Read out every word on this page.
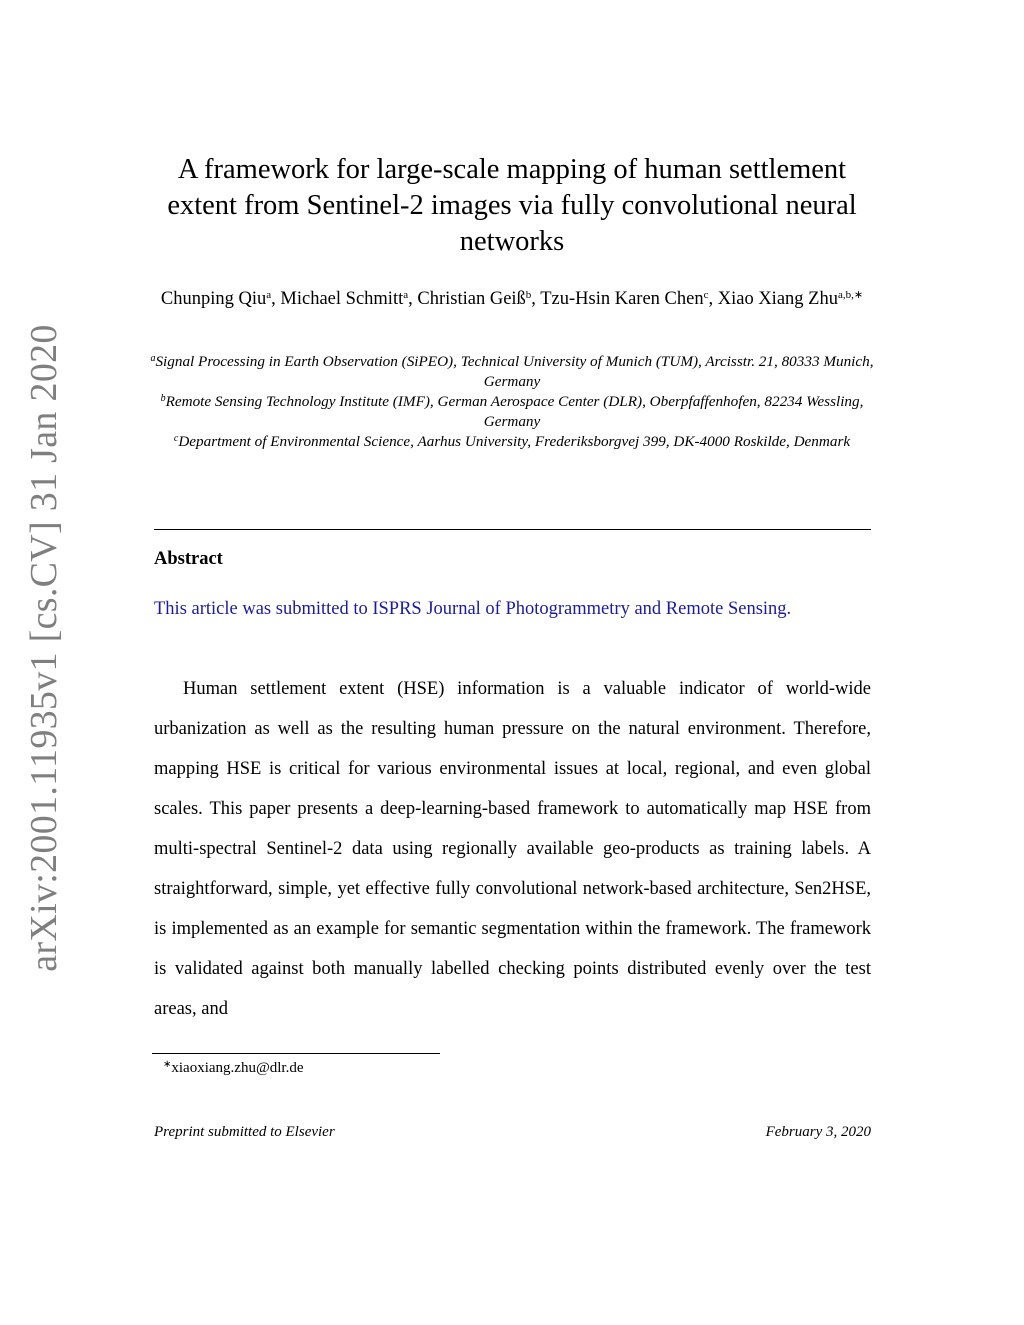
arXiv:2001.11935v1 [cs.CV] 31 Jan 2020
A framework for large-scale mapping of human settlement extent from Sentinel-2 images via fully convolutional neural networks
Chunping Qiu$^a$, Michael Schmitt$^a$, Christian Geiß$^b$, Tzu-Hsin Karen Chen$^c$, Xiao Xiang Zhu$^{a,b,∗}$
$^a$Signal Processing in Earth Observation (SiPEO), Technical University of Munich (TUM), Arcisstr. 21, 80333 Munich, Germany
$^b$Remote Sensing Technology Institute (IMF), German Aerospace Center (DLR), Oberpfaffenhofen, 82234 Wessling, Germany
$^c$Department of Environmental Science, Aarhus University, Frederiksborgvej 399, DK-4000 Roskilde, Denmark
Abstract
This article was submitted to ISPRS Journal of Photogrammetry and Remote Sensing.

Human settlement extent (HSE) information is a valuable indicator of world-wide urbanization as well as the resulting human pressure on the natural environment. Therefore, mapping HSE is critical for various environmental issues at local, regional, and even global scales. This paper presents a deep-learning-based framework to automatically map HSE from multi-spectral Sentinel-2 data using regionally available geo-products as training labels. A straightforward, simple, yet effective fully convolutional network-based architecture, Sen2HSE, is implemented as an example for semantic segmentation within the framework. The framework is validated against both manually labelled checking points distributed evenly over the test areas, and

∗xiaoxiang.zhu@dlr.de
Preprint submitted to Elsevier	February 3, 2020
